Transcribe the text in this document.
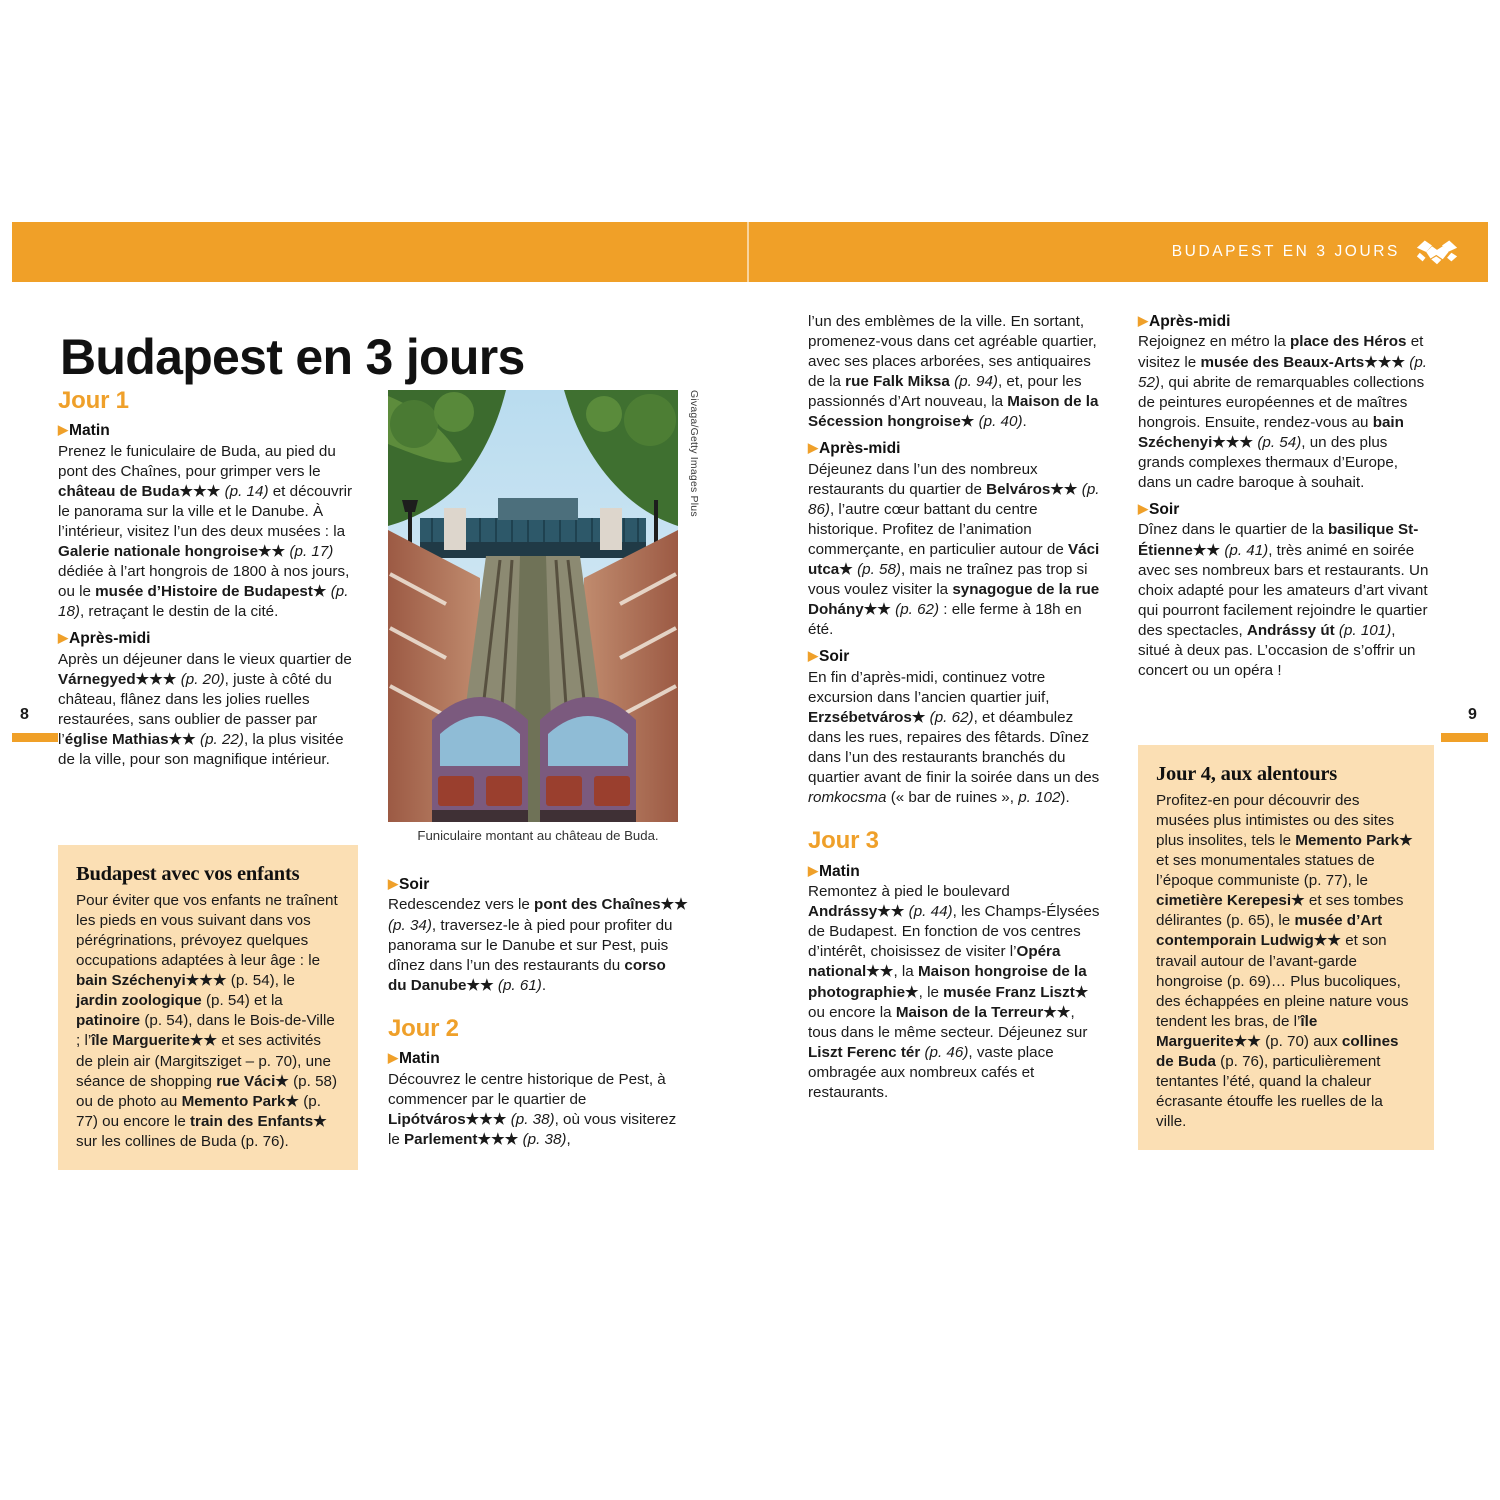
BUDAPEST EN 3 JOURS
8	9
Budapest en 3 jours
Jour 1
▶Matin

Prenez le funiculaire de Buda, au pied du pont des Chaînes, pour grimper vers le château de Buda★★★ (p. 14) et découvrir le panorama sur la ville et le Danube. À l’intérieur, visitez l’un des deux musées : la Galerie nationale hongroise★★ (p. 17) dédiée à l’art hongrois de 1800 à nos jours, ou le musée d’Histoire de Budapest★ (p. 18), retraçant le destin de la cité.

▶Après-midi

Après un déjeuner dans le vieux quartier de Várnegyed★★★ (p. 20), juste à côté du château, flânez dans les jolies ruelles restaurées, sans oublier de passer par l’église Mathias★★ (p. 22), la plus visitée de la ville, pour son magnifique intérieur.

Budapest avec vos enfants

Pour éviter que vos enfants ne traînent les pieds en vous suivant dans vos pérégrinations, prévoyez quelques occupations adaptées à leur âge : le bain Széchenyi★★★ (p. 54), le jardin zoologique (p. 54) et la patinoire (p. 54), dans le Bois-de-Ville ; l’île Marguerite★★ et ses activités de plein air (Margitsziget – p. 70), une séance de shopping rue Váci★ (p. 58) ou de photo au Memento Park★ (p. 77) ou encore le train des Enfants★ sur les collines de Buda (p. 76).

Givaga/Getty Images Plus
Funiculaire montant au château de Buda.
▶Soir

Redescendez vers le pont des Chaînes★★ (p. 34), traversez-le à pied pour profiter du panorama sur le Danube et sur Pest, puis dînez dans l’un des restaurants du corso du Danube★★ (p. 61).

Jour 2
▶Matin

Découvrez le centre historique de Pest, à commencer par le quartier de Lipótváros★★★ (p. 38), où vous visiterez le Parlement★★★ (p. 38),

l’un des emblèmes de la ville. En sortant, promenez-vous dans cet agréable quartier, avec ses places arborées, ses antiquaires de la rue Falk Miksa (p. 94), et, pour les passionnés d’Art nouveau, la Maison de la Sécession hongroise★ (p. 40).

▶Après-midi

Déjeunez dans l’un des nombreux restaurants du quartier de Belváros★★ (p. 86), l’autre cœur battant du centre historique. Profitez de l’animation commerçante, en particulier autour de Váci utca★ (p. 58), mais ne traînez pas trop si vous voulez visiter la synagogue de la rue Dohány★★ (p. 62) : elle ferme à 18h en été.

▶Soir

En fin d’après-midi, continuez votre excursion dans l’ancien quartier juif, Erzsébetváros★ (p. 62), et déambulez dans les rues, repaires des fêtards. Dînez dans l’un des restaurants branchés du quartier avant de finir la soirée dans un des romkocsma (« bar de ruines », p. 102).

Jour 3
▶Matin

Remontez à pied le boulevard Andrássy★★ (p. 44), les Champs-Élysées de Budapest. En fonction de vos centres d’intérêt, choisissez de visiter l’Opéra national★★, la Maison hongroise de la photographie★, le musée Franz Liszt★ ou encore la Maison de la Terreur★★, tous dans le même secteur. Déjeunez sur Liszt Ferenc tér (p. 46), vaste place ombragée aux nombreux cafés et restaurants.

▶Après-midi

Rejoignez en métro la place des Héros et visitez le musée des Beaux-Arts★★★ (p. 52), qui abrite de remarquables collections de peintures européennes et de maîtres hongrois. Ensuite, rendez-vous au bain Széchenyi★★★ (p. 54), un des plus grands complexes thermaux d’Europe, dans un cadre baroque à souhait.

▶Soir

Dînez dans le quartier de la basilique St-Étienne★★ (p. 41), très animé en soirée avec ses nombreux bars et restaurants. Un choix adapté pour les amateurs d’art vivant qui pourront facilement rejoindre le quartier des spectacles, Andrássy út (p. 101), situé à deux pas. L’occasion de s’offrir un concert ou un opéra !

Jour 4, aux alentours

Profitez-en pour découvrir des musées plus intimistes ou des sites plus insolites, tels le Memento Park★ et ses monumentales statues de l’époque communiste (p. 77), le cimetière Kerepesi★ et ses tombes délirantes (p. 65), le musée d’Art contemporain Ludwig★★ et son travail autour de l’avant-garde hongroise (p. 69)… Plus bucoliques, des échappées en pleine nature vous tendent les bras, de l’île Marguerite★★ (p. 70) aux collines de Buda (p. 76), particulièrement tentantes l’été, quand la chaleur écrasante étouffe les ruelles de la ville.
